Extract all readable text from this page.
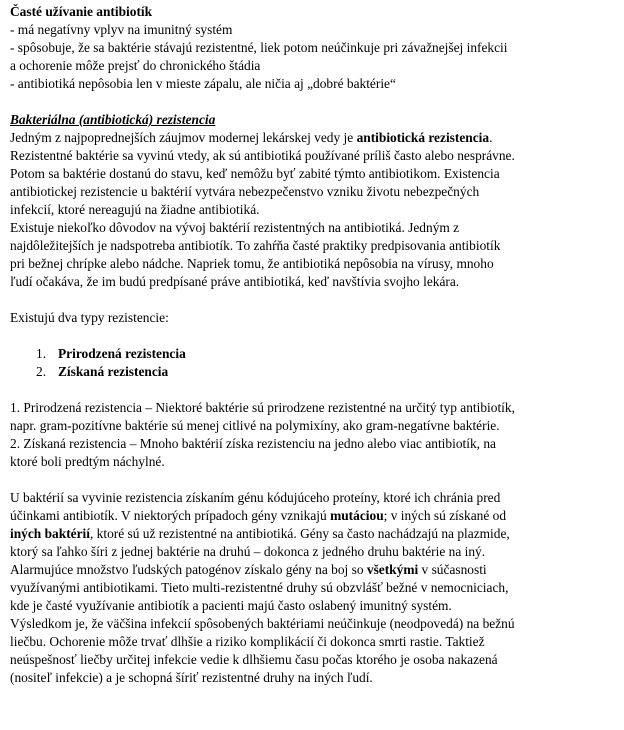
Časté užívanie antibiotík

- má negatívny vplyv na imunitný systém

- spôsobuje, že sa baktérie stávajú rezistentné, liek potom neúčinkuje pri závažnejšej infekcii

a ochorenie môže prejsť do chronického štádia

- antibiotiká nepôsobia len v mieste zápalu, ale ničia aj „dobré baktérie“

Bakteriálna (antibiotická) rezistencia

Jedným z najpoprednejších záujmov modernej lekárskej vedy je antibiotická rezistencia.

Rezistentné baktérie sa vyvinú vtedy, ak sú antibiotiká používané príliš často alebo nesprávne.

Potom sa baktérie dostanú do stavu, keď nemôžu byť zabité týmto antibiotikom. Existencia

antibiotickej rezistencie u baktérií vytvára nebezpečenstvo vzniku životu nebezpečných

infekcií, ktoré nereagujú na žiadne antibiotiká.

Existuje niekoľko dôvodov na vývoj baktérií rezistentných na antibiotiká. Jedným z

najdôležitejších je nadspotreba antibiotík. To zahŕňa časté praktiky predpisovania antibiotík

pri bežnej chrípke alebo nádche. Napriek tomu, že antibiotiká nepôsobia na vírusy, mnoho

ľudí očakáva, že im budú predpísané práve antibiotiká, keď navštívia svojho lekára.

Existujú dva typy rezistencie:

1. Prirodzená rezistencia
2. Získaná rezistencia

1. Prirodzená rezistencia – Niektoré baktérie sú prirodzene rezistentné na určitý typ antibiotík,

napr. gram-pozitívne baktérie sú menej citlivé na polymixíny, ako gram-negatívne baktérie.

2. Získaná rezistencia – Mnoho baktérií získa rezistenciu na jedno alebo viac antibiotík, na

ktoré boli predtým náchylné.

U baktérií sa vyvinie rezistencia získaním génu kódujúceho proteíny, ktoré ich chránia pred

účinkami antibiotík. V niektorých prípadoch gény vznikajú mutáciou; v iných sú získané od

iných baktérií, ktoré sú už rezistentné na antibiotiká. Gény sa často nachádzajú na plazmide,

ktorý sa ľahko šíri z jednej baktérie na druhú – dokonca z jedného druhu baktérie na iný.

Alarmujúce množstvo ľudských patogénov získalo gény na boj so všetkými v súčasnosti

využívanými antibiotikami. Tieto multi-rezistentné druhy sú obzvlášť bežné v nemocniciach,

kde je časté využívanie antibiotík a pacienti majú často oslabený imunitný systém.

Výsledkom je, že väčšina infekcií spôsobených baktériami neúčinkuje (neodpovedá) na bežnú

liečbu. Ochorenie môže trvať dlhšie a riziko komplikácií či dokonca smrti rastie. Taktiež

neúspešnosť liečby určitej infekcie vedie k dlhšiemu času počas ktorého je osoba nakazená

(nositeľ infekcie) a je schopná šíriť rezistentné druhy na iných ľudí.
